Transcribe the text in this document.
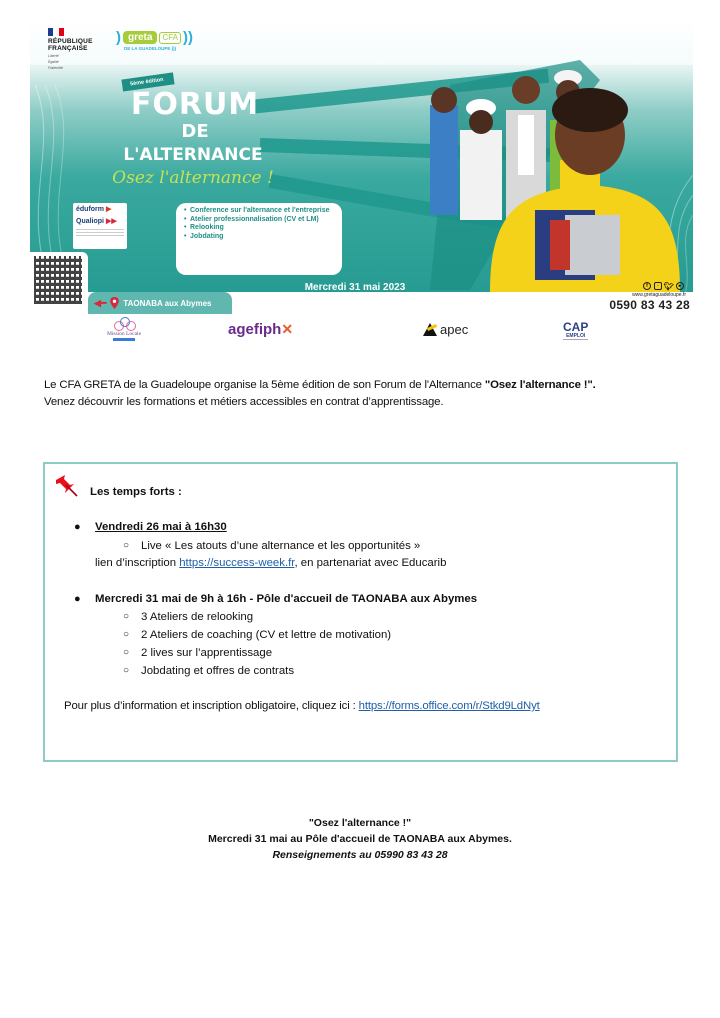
RÉPUBLIQUE
FRANÇAISE
Liberté
Égalité
Fraternité
) greta	CFA ))
DE LA GUADELOUPE )))
5ème édition
FORUM
DE
L'ALTERNANCE
Osez l'alternance !
éduform ▶
Qualiopi ▶▶
• Conference sur l'alternance et l'entreprise
• Atelier professionnalisation (CV et LM)
• Relooking
• Jobdating
◀━ TAONABA aux Abymes
Mercredi 31 mai 2023
9h/16h
f	◦ 🐦︎ ▸
www.gretaguadeloupe.fr
0590 83 43 28
Mission Locale	agefiph✕	apec	CAP
EMPLOI
Le CFA GRETA de la Guadeloupe organise la 5ème édition de son Forum de l'Alternance "Osez l'alternance !".
Venez découvrir les formations et métiers accessibles en contrat d’apprentissage.
Les temps forts :
● Vendredi 26 mai à 16h30
○ Live « Les atouts d’une alternance et les opportunités »
lien d’inscription https://success-week.fr, en partenariat avec Educarib
● Mercredi 31 mai de 9h à 16h - Pôle d'accueil de TAONABA aux Abymes
○ 3 Ateliers de relooking
○ 2 Ateliers de coaching (CV et lettre de motivation)
○ 2 lives sur l’apprentissage
○ Jobdating et offres de contrats
Pour plus d’information et inscription obligatoire, cliquez ici : https://forms.office.com/r/Stkd9LdNyt
"Osez l'alternance !"
Mercredi 31 mai au Pôle d'accueil de TAONABA aux Abymes.
Renseignements au 05990 83 43 28
